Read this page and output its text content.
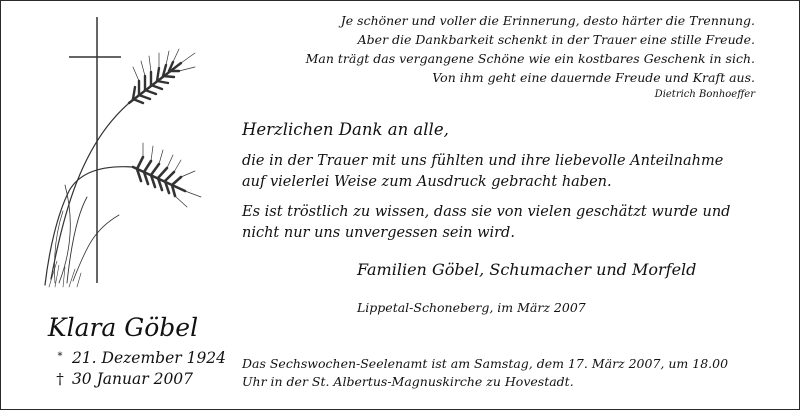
Je schöner und voller die Erinnerung, desto härter die Trennung.
Aber die Dankbarkeit schenkt in der Trauer eine stille Freude.
Man trägt das vergangene Schöne wie ein kostbares Geschenk in sich.
Von ihm geht eine dauernde Freude und Kraft aus.
Dietrich Bonhoeffer
Herzlichen Dank an alle,
die in der Trauer mit uns fühlten und ihre liebevolle Anteilnahme
auf vielerlei Weise zum Ausdruck gebracht haben.
Es ist tröstlich zu wissen, dass sie von vielen geschätzt wurde und
nicht nur uns unvergessen sein wird.
Familien Göbel, Schumacher und Morfeld
Lippetal-Schoneberg, im März 2007
Das Sechswochen-Seelenamt ist am Samstag, dem 17. März 2007, um 18.00
Uhr in der St. Albertus-Magnuskirche zu Hovestadt.
Klara Göbel
* 21. Dezember 1924
† 30 Januar 2007
